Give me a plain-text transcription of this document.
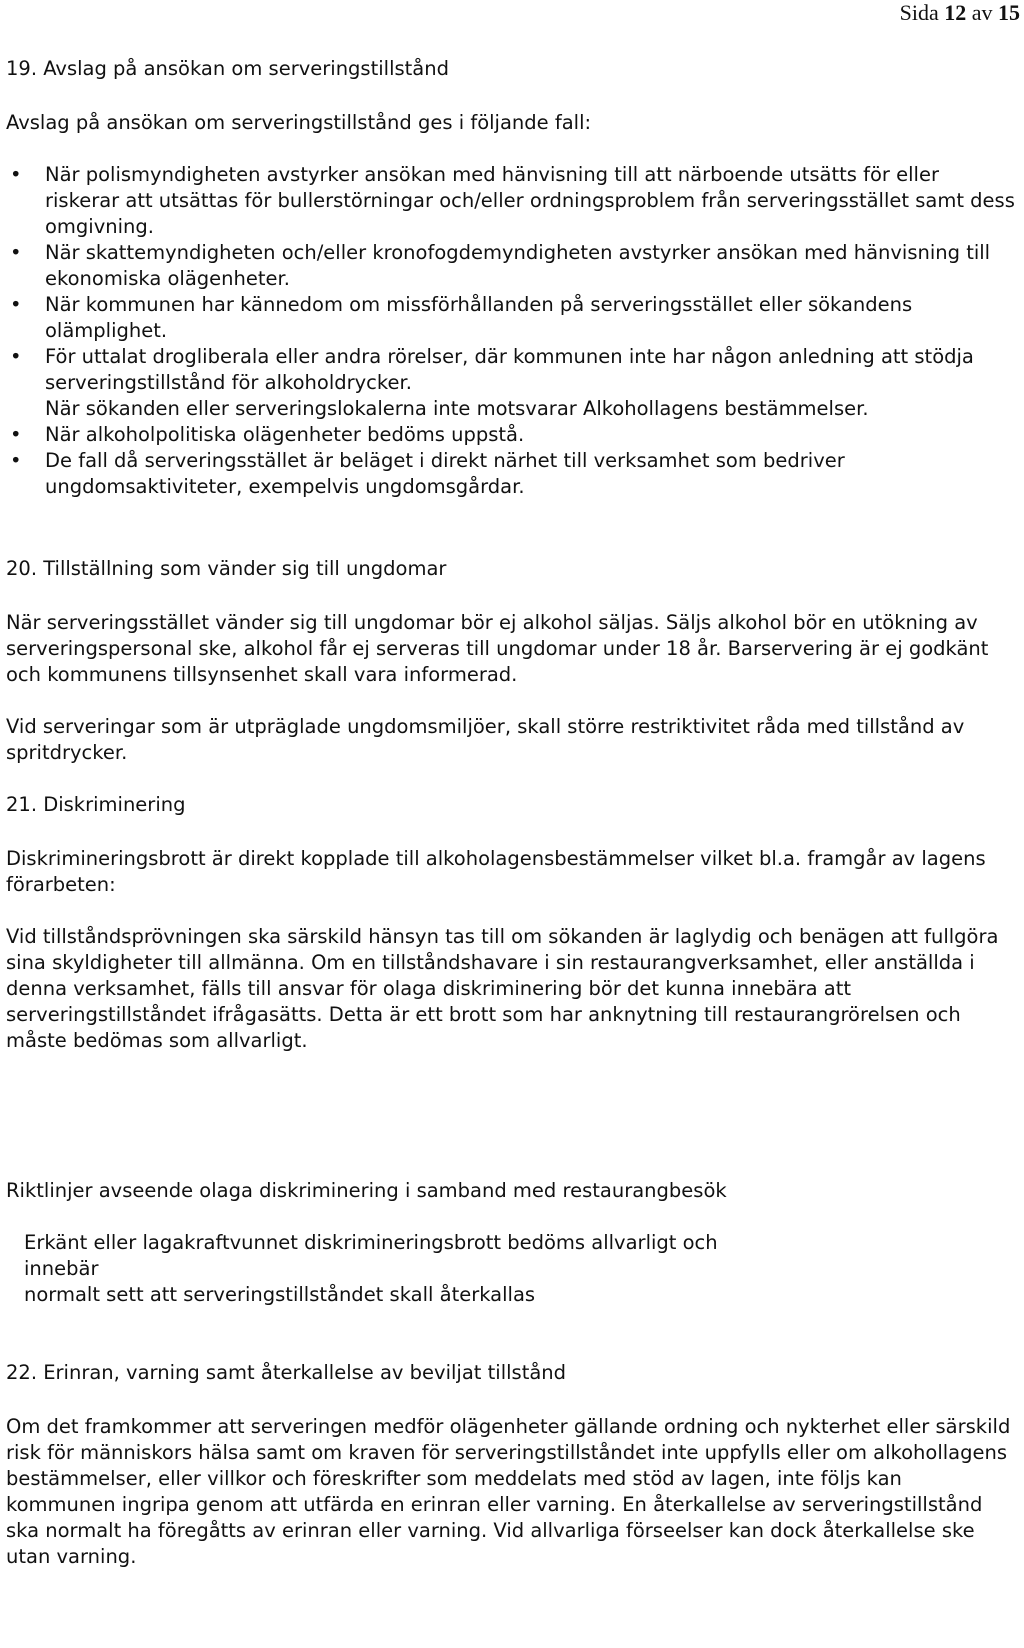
Sida 12 av 15
19. Avslag på ansökan om serveringstillstånd

Avslag på ansökan om serveringstillstånd ges i följande fall:

• När polismyndigheten avstyrker ansökan med hänvisning till att närboende utsätts för eller riskerar att utsättas för bullerstörningar och/eller ordningsproblem från serveringsstället samt dess omgivning.
• När skattemyndigheten och/eller kronofogdemyndigheten avstyrker ansökan med hänvisning till ekonomiska olägenheter.
• När kommunen har kännedom om missförhållanden på serveringsstället eller sökandens olämplighet.
• För uttalat drogliberala eller andra rörelser, där kommunen inte har någon anledning att stödja serveringstillstånd för alkoholdrycker.
När sökanden eller serveringslokalerna inte motsvarar Alkohollagens bestämmelser.
• När alkoholpolitiska olägenheter bedöms uppstå.
• De fall då serveringsstället är beläget i direkt närhet till verksamhet som bedriver ungdomsaktiviteter, exempelvis ungdomsgårdar.
20. Tillställning som vänder sig till ungdomar

När serveringsstället vänder sig till ungdomar bör ej alkohol säljas. Säljs alkohol bör en utökning av serveringspersonal ske, alkohol får ej serveras till ungdomar under 18 år. Barservering är ej godkänt och kommunens tillsynsenhet skall vara informerad.

Vid serveringar som är utpräglade ungdomsmiljöer, skall större restriktivitet råda med tillstånd av spritdrycker.

21. Diskriminering

Diskrimineringsbrott är direkt kopplade till alkoholagensbestämmelser vilket bl.a. framgår av lagens förarbeten:

Vid tillståndsprövningen ska särskild hänsyn tas till om sökanden är laglydig och benägen att fullgöra sina skyldigheter till allmänna. Om en tillståndshavare i sin restaurangverksamhet, eller anställda i denna verksamhet, fälls till ansvar för olaga diskriminering bör det kunna innebära att serveringstillståndet ifrågasätts. Detta är ett brott som har anknytning till restaurangrörelsen och måste bedömas som allvarligt.

Riktlinjer avseende olaga diskriminering i samband med restaurangbesök

Erkänt eller lagakraftvunnet diskrimineringsbrott bedöms allvarligt och

innebär

normalt sett att serveringstillståndet skall återkallas

22. Erinran, varning samt återkallelse av beviljat tillstånd

Om det framkommer att serveringen medför olägenheter gällande ordning och nykterhet eller särskild risk för människors hälsa samt om kraven för serveringstillståndet inte uppfylls eller om alkohollagens bestämmelser, eller villkor och föreskrifter som meddelats med stöd av lagen, inte följs kan kommunen ingripa genom att utfärda en erinran eller varning. En återkallelse av serveringstillstånd ska normalt ha föregåtts av erinran eller varning. Vid allvarliga förseelser kan dock återkallelse ske utan varning.
